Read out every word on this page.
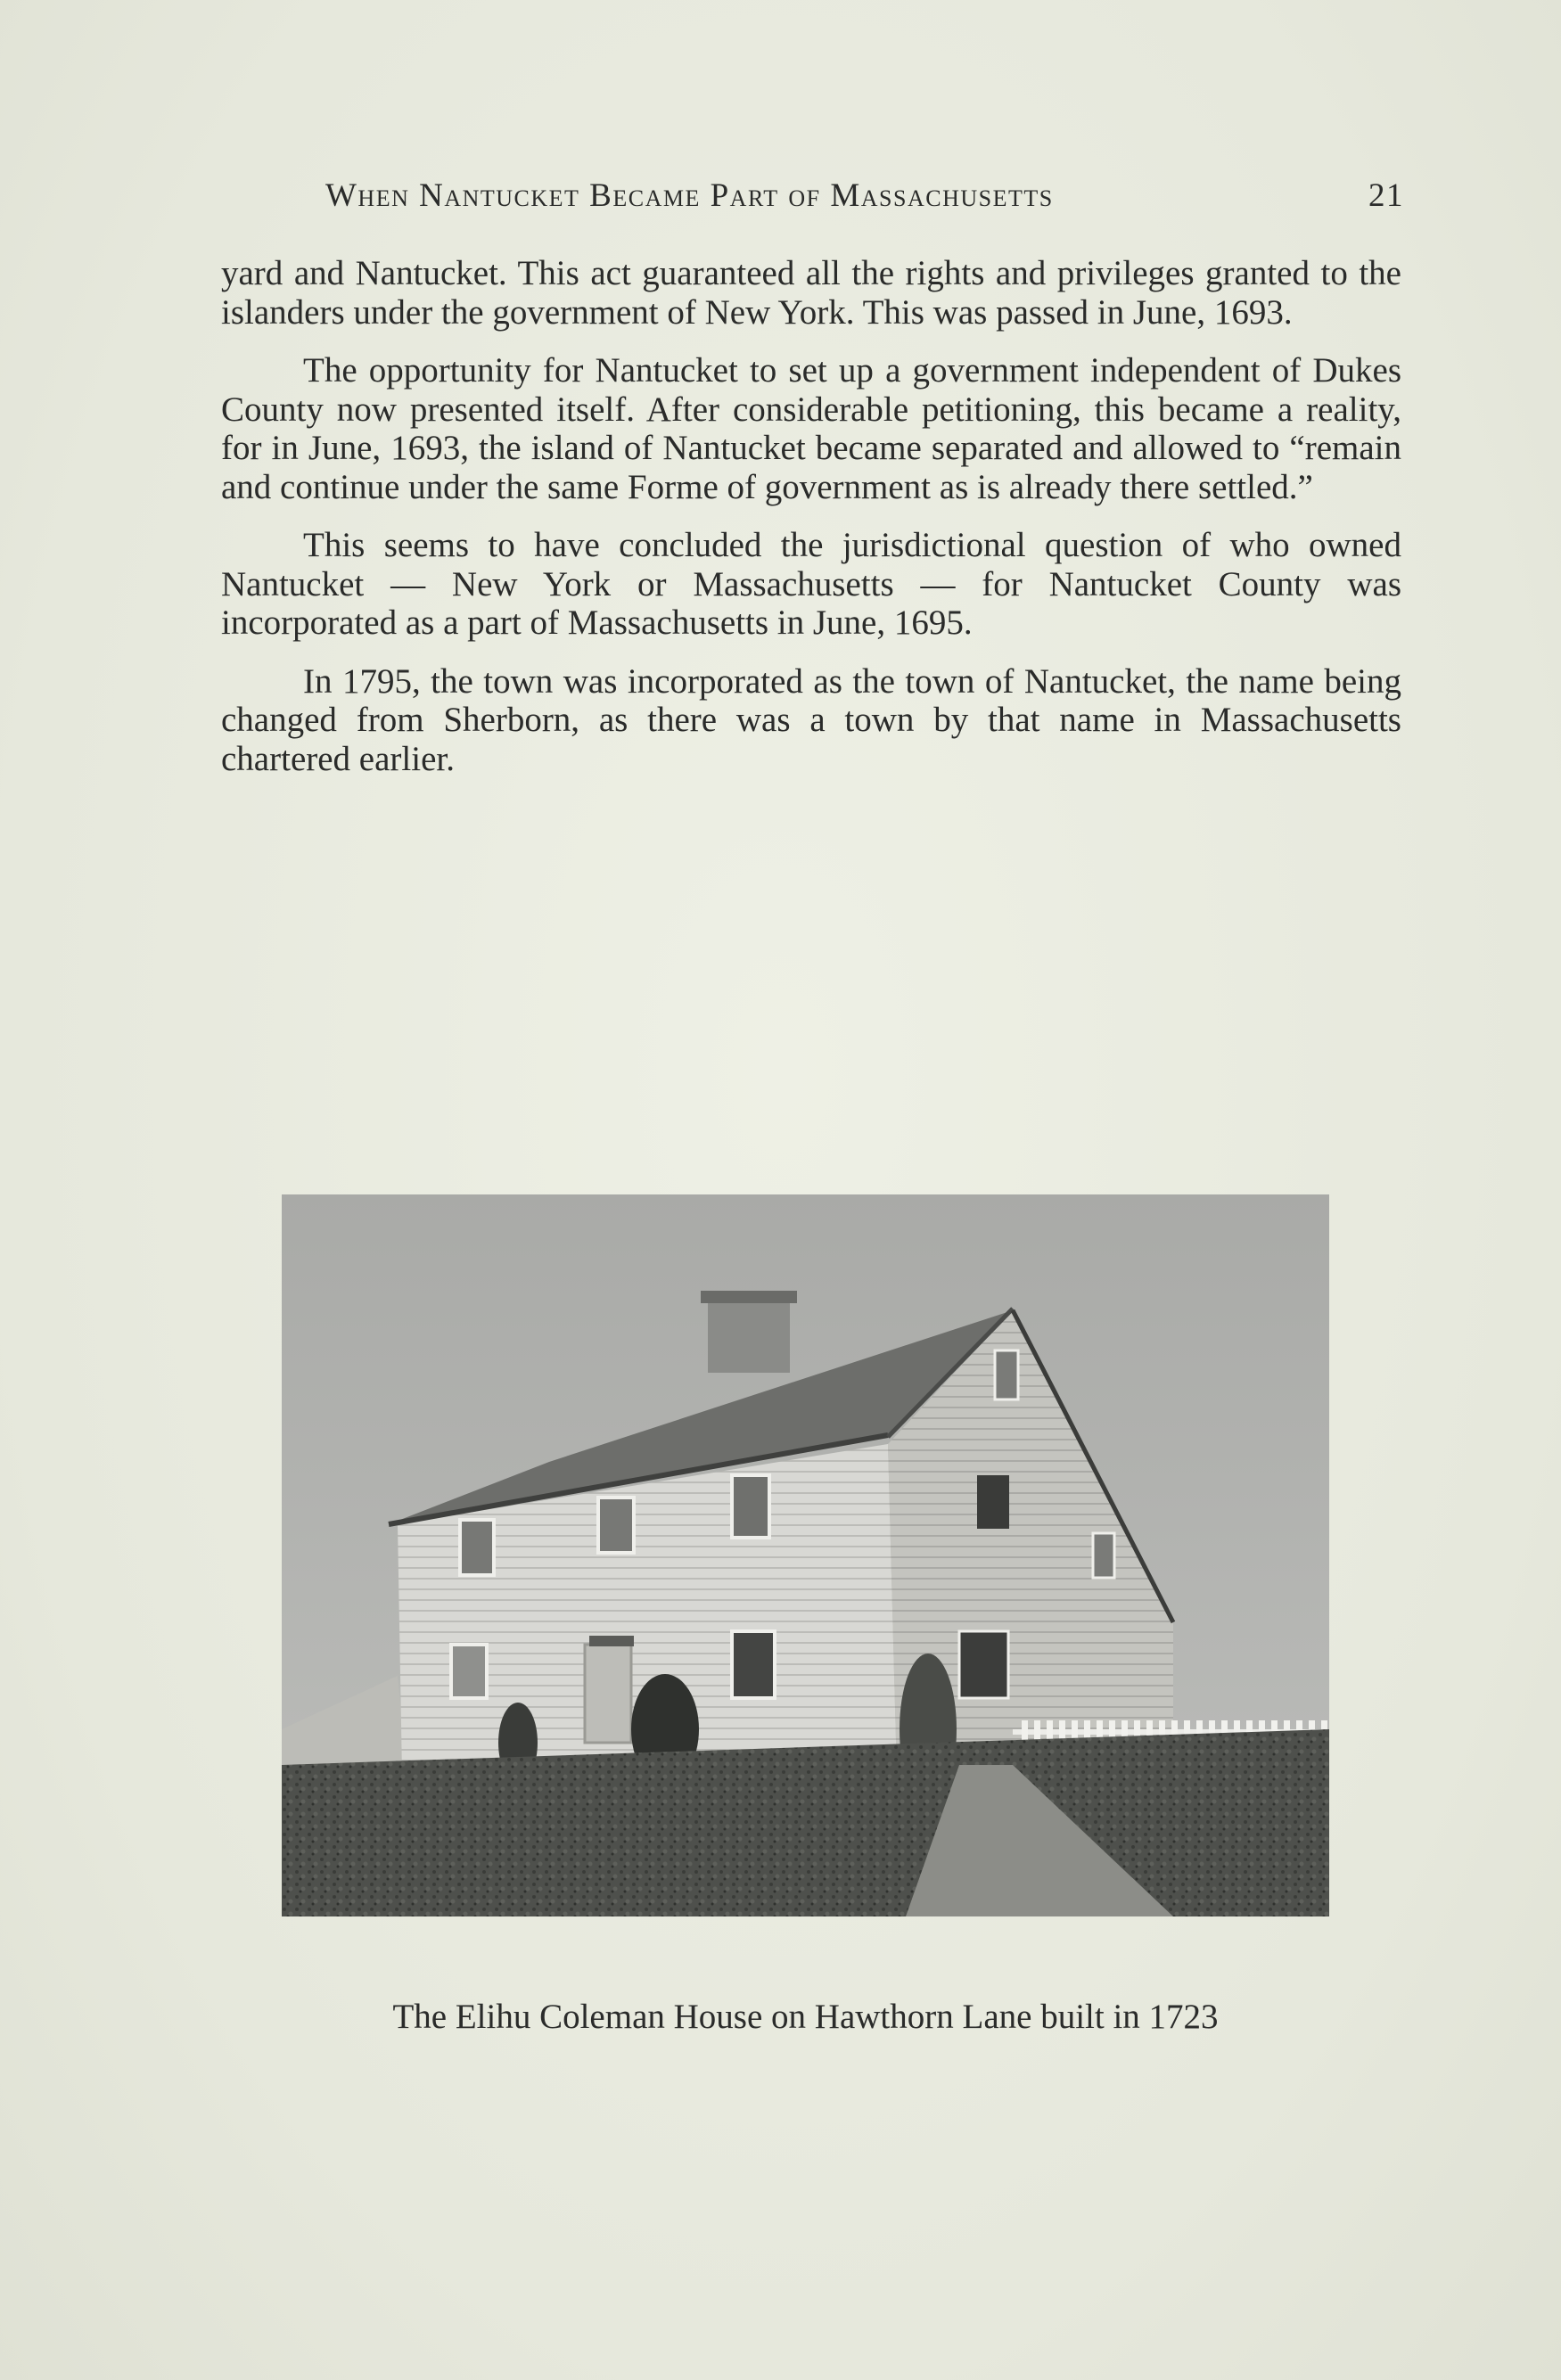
When Nantucket Became Part of Massachusetts	21

yard and Nantucket. This act guaranteed all the rights and privileges granted to the islanders under the government of New York. This was passed in June, 1693.

The opportunity for Nantucket to set up a government independent of Dukes County now presented itself. After considerable petitioning, this became a reality, for in June, 1693, the island of Nantucket became separated and allowed to “remain and continue under the same Forme of government as is already there settled.”

This seems to have concluded the jurisdictional question of who owned Nantucket — New York or Massachusetts — for Nantucket County was incorporated as a part of Massachusetts in June, 1695.

In 1795, the town was incorporated as the town of Nantucket, the name being changed from Sherborn, as there was a town by that name in Massachusetts chartered earlier.

The Elihu Coleman House on Hawthorn Lane built in 1723
